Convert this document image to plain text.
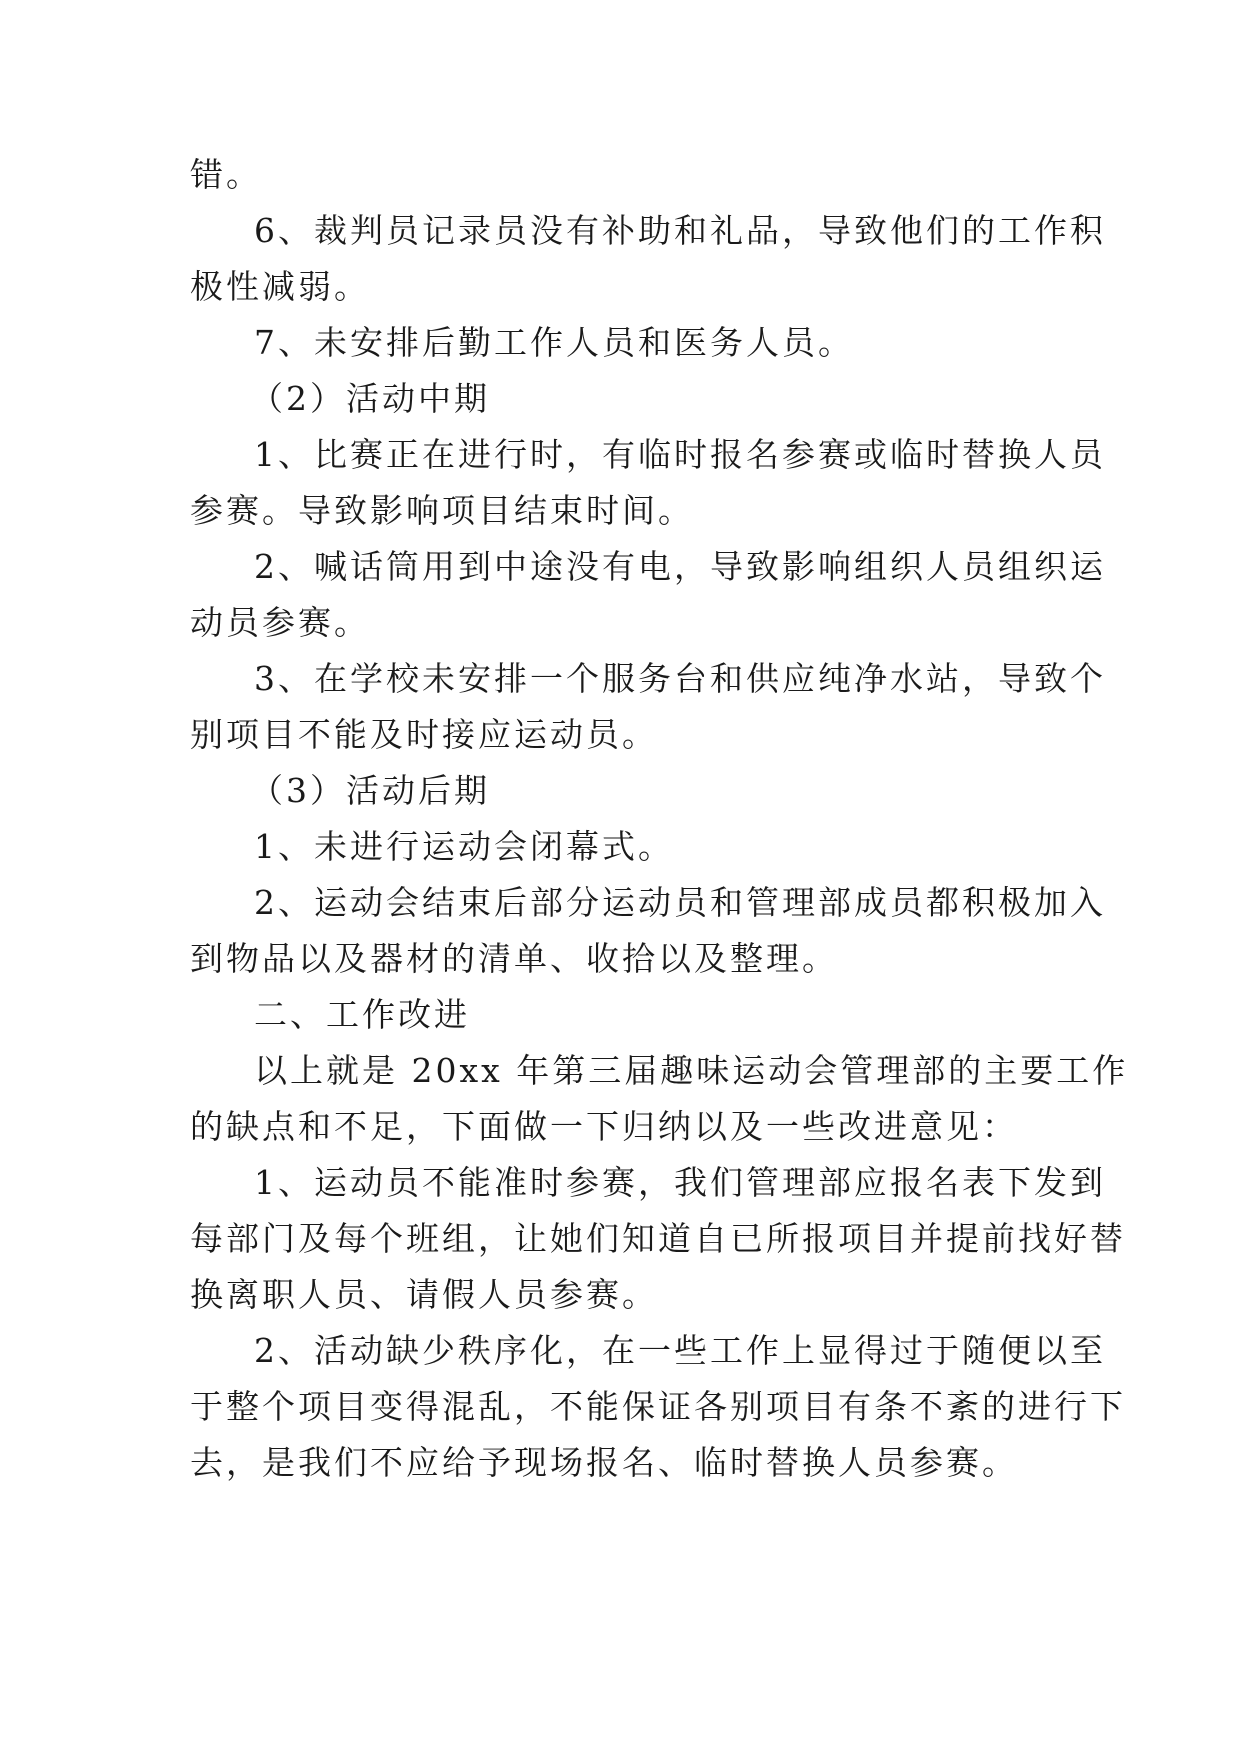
错。
6、裁判员记录员没有补助和礼品，导致他们的工作积
极性减弱。
7、未安排后勤工作人员和医务人员。
（2）活动中期
1、比赛正在进行时，有临时报名参赛或临时替换人员
参赛。导致影响项目结束时间。
2、喊话筒用到中途没有电，导致影响组织人员组织运
动员参赛。
3、在学校未安排一个服务台和供应纯净水站，导致个
别项目不能及时接应运动员。
（3）活动后期
1、未进行运动会闭幕式。
2、运动会结束后部分运动员和管理部成员都积极加入
到物品以及器材的清单、收拾以及整理。
二、工作改进
以上就是 20xx 年第三届趣味运动会管理部的主要工作
的缺点和不足，下面做一下归纳以及一些改进意见：
1、运动员不能准时参赛，我们管理部应报名表下发到
每部门及每个班组，让她们知道自已所报项目并提前找好替
换离职人员、请假人员参赛。
2、活动缺少秩序化，在一些工作上显得过于随便以至
于整个项目变得混乱，不能保证各别项目有条不紊的进行下
去，是我们不应给予现场报名、临时替换人员参赛。
